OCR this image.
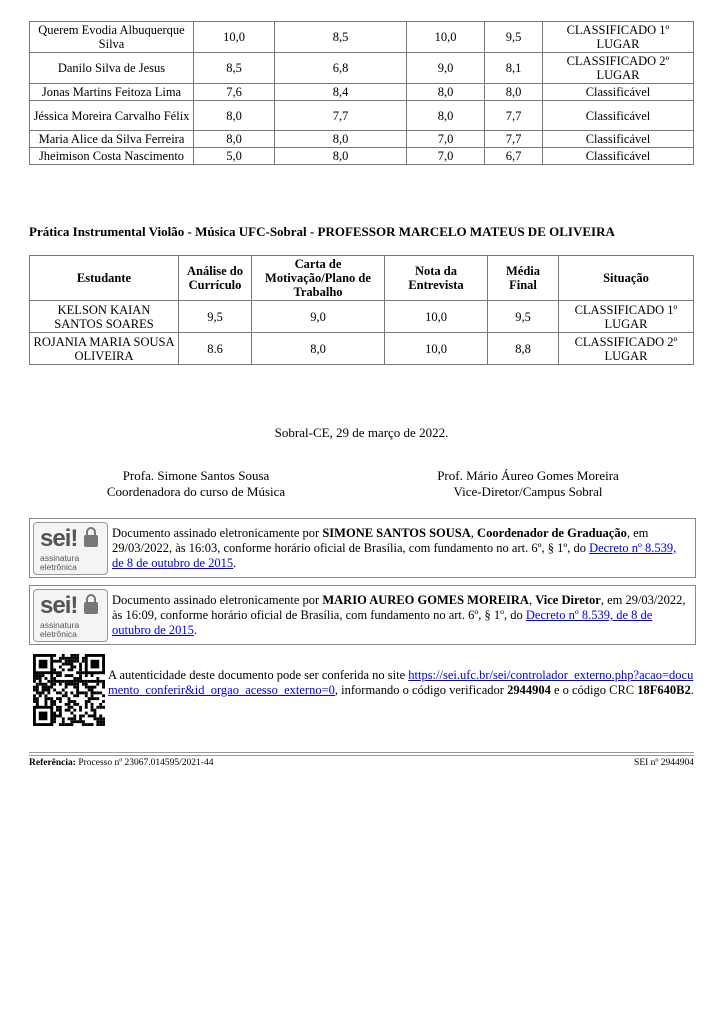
Querem Evodia Albuquerque Silva	10,0	8,5	10,0	9,5	CLASSIFICADO 1º LUGAR
Danilo Silva de Jesus	8,5	6,8	9,0	8,1	CLASSIFICADO 2º LUGAR
Jonas Martins Feitoza Lima	7,6	8,4	8,0	8,0	Classificável
Jéssica Moreira Carvalho Félix	8,0	7,7	8,0	7,7	Classificável
Maria Alice da Silva Ferreira	8,0	8,0	7,0	7,7	Classificável
Jheimison Costa Nascimento	5,0	8,0	7,0	6,7	Classificável
Prática Instrumental Violão - Música UFC-Sobral - PROFESSOR MARCELO MATEUS DE OLIVEIRA
Estudante	Análise do Currículo	Carta de Motivação/Plano de Trabalho	Nota da Entrevista	Média Final	Situação
KELSON KAIAN SANTOS SOARES	9,5	9,0	10,0	9,5	CLASSIFICADO 1º LUGAR
ROJANIA MARIA SOUSA OLIVEIRA	8.6	8,0	10,0	8,8	CLASSIFICADO 2º LUGAR
Sobral-CE, 29 de março de 2022.
Profa. Simone Santos Sousa
Coordenadora do curso de Música
Prof. Mário Áureo Gomes Moreira
Vice-Diretor/Campus Sobral
sei!
assinatura
eletrônica
Documento assinado eletronicamente por SIMONE SANTOS SOUSA, Coordenador de Graduação, em 29/03/2022, às 16:03, conforme horário oficial de Brasília, com fundamento no art. 6º, § 1º, do Decreto nº 8.539, de 8 de outubro de 2015.
sei!
assinatura
eletrônica
Documento assinado eletronicamente por MARIO AUREO GOMES MOREIRA, Vice Diretor, em 29/03/2022, às 16:09, conforme horário oficial de Brasília, com fundamento no art. 6º, § 1º, do Decreto nº 8.539, de 8 de outubro de 2015.
A autenticidade deste documento pode ser conferida no site https://sei.ufc.br/sei/controlador_externo.php?acao=documento_conferir&id_orgao_acesso_externo=0, informando o código verificador 2944904 e o código CRC 18F640B2.
Referência: Processo nº 23067.014595/2021-44	SEI nº 2944904
